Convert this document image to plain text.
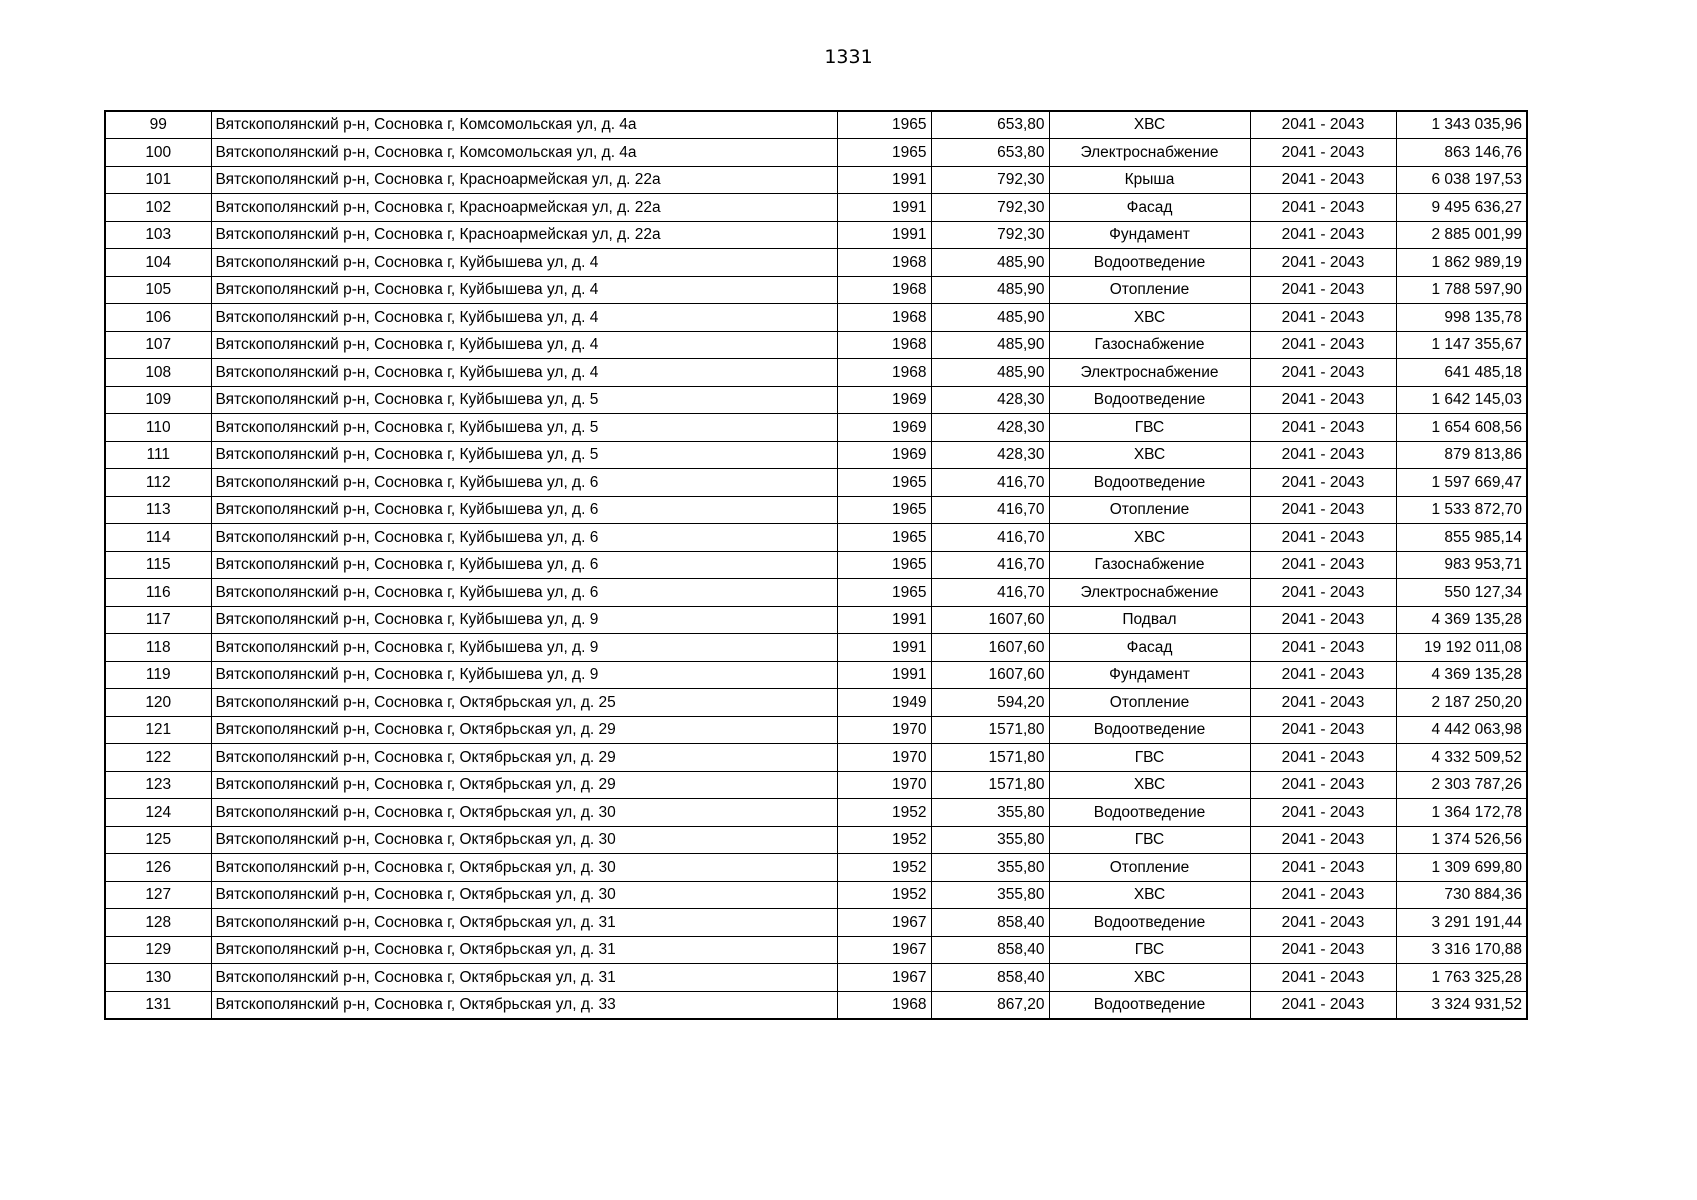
1331
99	Вятскополянский р-н, Сосновка г, Комсомольская ул, д. 4а	1965	653,80	ХВС	2041 - 2043	1 343 035,96
100	Вятскополянский р-н, Сосновка г, Комсомольская ул, д. 4а	1965	653,80	Электроснабжение	2041 - 2043	863 146,76
101	Вятскополянский р-н, Сосновка г, Красноармейская ул, д. 22а	1991	792,30	Крыша	2041 - 2043	6 038 197,53
102	Вятскополянский р-н, Сосновка г, Красноармейская ул, д. 22а	1991	792,30	Фасад	2041 - 2043	9 495 636,27
103	Вятскополянский р-н, Сосновка г, Красноармейская ул, д. 22а	1991	792,30	Фундамент	2041 - 2043	2 885 001,99
104	Вятскополянский р-н, Сосновка г, Куйбышева ул, д. 4	1968	485,90	Водоотведение	2041 - 2043	1 862 989,19
105	Вятскополянский р-н, Сосновка г, Куйбышева ул, д. 4	1968	485,90	Отопление	2041 - 2043	1 788 597,90
106	Вятскополянский р-н, Сосновка г, Куйбышева ул, д. 4	1968	485,90	ХВС	2041 - 2043	998 135,78
107	Вятскополянский р-н, Сосновка г, Куйбышева ул, д. 4	1968	485,90	Газоснабжение	2041 - 2043	1 147 355,67
108	Вятскополянский р-н, Сосновка г, Куйбышева ул, д. 4	1968	485,90	Электроснабжение	2041 - 2043	641 485,18
109	Вятскополянский р-н, Сосновка г, Куйбышева ул, д. 5	1969	428,30	Водоотведение	2041 - 2043	1 642 145,03
110	Вятскополянский р-н, Сосновка г, Куйбышева ул, д. 5	1969	428,30	ГВС	2041 - 2043	1 654 608,56
111	Вятскополянский р-н, Сосновка г, Куйбышева ул, д. 5	1969	428,30	ХВС	2041 - 2043	879 813,86
112	Вятскополянский р-н, Сосновка г, Куйбышева ул, д. 6	1965	416,70	Водоотведение	2041 - 2043	1 597 669,47
113	Вятскополянский р-н, Сосновка г, Куйбышева ул, д. 6	1965	416,70	Отопление	2041 - 2043	1 533 872,70
114	Вятскополянский р-н, Сосновка г, Куйбышева ул, д. 6	1965	416,70	ХВС	2041 - 2043	855 985,14
115	Вятскополянский р-н, Сосновка г, Куйбышева ул, д. 6	1965	416,70	Газоснабжение	2041 - 2043	983 953,71
116	Вятскополянский р-н, Сосновка г, Куйбышева ул, д. 6	1965	416,70	Электроснабжение	2041 - 2043	550 127,34
117	Вятскополянский р-н, Сосновка г, Куйбышева ул, д. 9	1991	1607,60	Подвал	2041 - 2043	4 369 135,28
118	Вятскополянский р-н, Сосновка г, Куйбышева ул, д. 9	1991	1607,60	Фасад	2041 - 2043	19 192 011,08
119	Вятскополянский р-н, Сосновка г, Куйбышева ул, д. 9	1991	1607,60	Фундамент	2041 - 2043	4 369 135,28
120	Вятскополянский р-н, Сосновка г, Октябрьская ул, д. 25	1949	594,20	Отопление	2041 - 2043	2 187 250,20
121	Вятскополянский р-н, Сосновка г, Октябрьская ул, д. 29	1970	1571,80	Водоотведение	2041 - 2043	4 442 063,98
122	Вятскополянский р-н, Сосновка г, Октябрьская ул, д. 29	1970	1571,80	ГВС	2041 - 2043	4 332 509,52
123	Вятскополянский р-н, Сосновка г, Октябрьская ул, д. 29	1970	1571,80	ХВС	2041 - 2043	2 303 787,26
124	Вятскополянский р-н, Сосновка г, Октябрьская ул, д. 30	1952	355,80	Водоотведение	2041 - 2043	1 364 172,78
125	Вятскополянский р-н, Сосновка г, Октябрьская ул, д. 30	1952	355,80	ГВС	2041 - 2043	1 374 526,56
126	Вятскополянский р-н, Сосновка г, Октябрьская ул, д. 30	1952	355,80	Отопление	2041 - 2043	1 309 699,80
127	Вятскополянский р-н, Сосновка г, Октябрьская ул, д. 30	1952	355,80	ХВС	2041 - 2043	730 884,36
128	Вятскополянский р-н, Сосновка г, Октябрьская ул, д. 31	1967	858,40	Водоотведение	2041 - 2043	3 291 191,44
129	Вятскополянский р-н, Сосновка г, Октябрьская ул, д. 31	1967	858,40	ГВС	2041 - 2043	3 316 170,88
130	Вятскополянский р-н, Сосновка г, Октябрьская ул, д. 31	1967	858,40	ХВС	2041 - 2043	1 763 325,28
131	Вятскополянский р-н, Сосновка г, Октябрьская ул, д. 33	1968	867,20	Водоотведение	2041 - 2043	3 324 931,52
